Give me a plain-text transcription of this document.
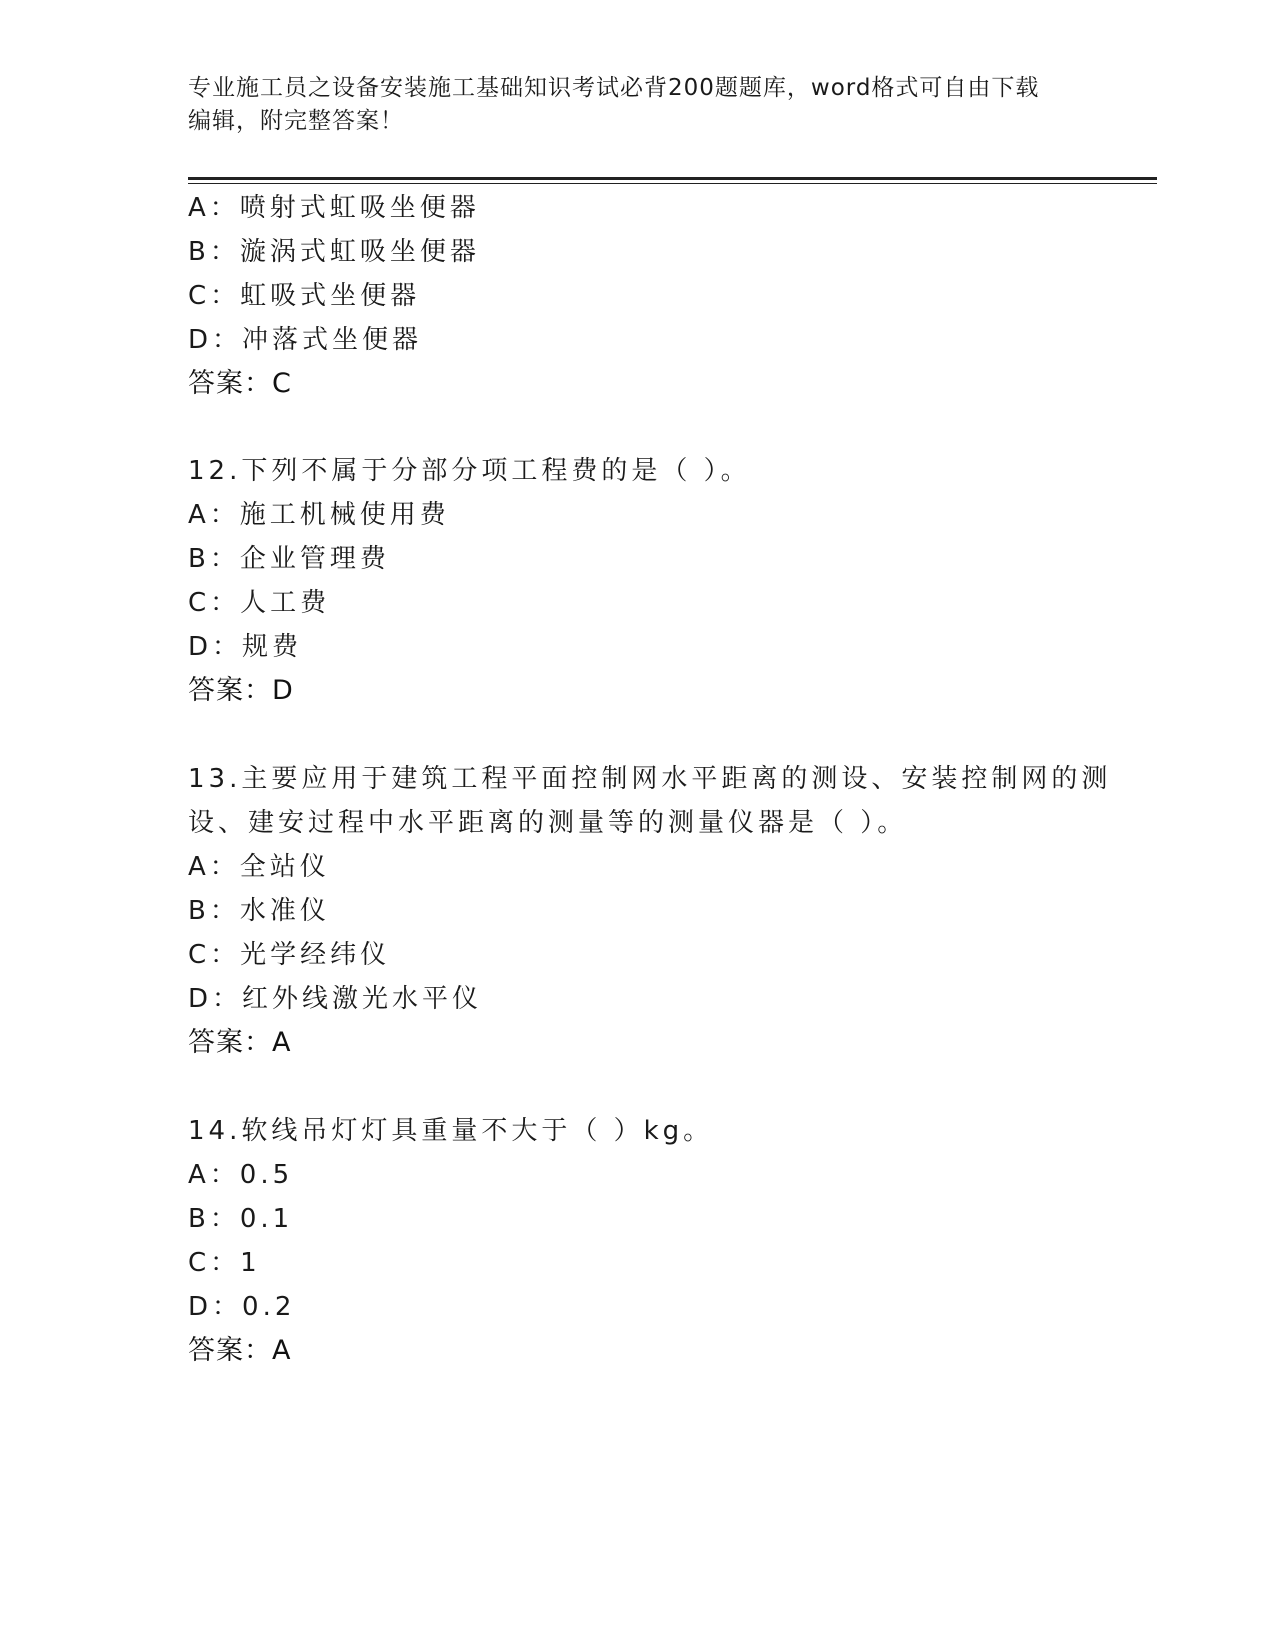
专业施工员之设备安装施工基础知识考试必背200题题库，word格式可自由下载
编辑，附完整答案！
A：喷射式虹吸坐便器
B：漩涡式虹吸坐便器
C：虹吸式坐便器
D：冲落式坐便器
答案：C
12.下列不属于分部分项工程费的是（ ）。
A：施工机械使用费
B：企业管理费
C：人工费
D：规费
答案：D
13.主要应用于建筑工程平面控制网水平距离的测设、安装控制网的测
设、建安过程中水平距离的测量等的测量仪器是（ ）。
A：全站仪
B：水准仪
C：光学经纬仪
D：红外线激光水平仪
答案：A
14.软线吊灯灯具重量不大于（ ）kg。
A：0.5
B：0.1
C：1
D：0.2
答案：A
